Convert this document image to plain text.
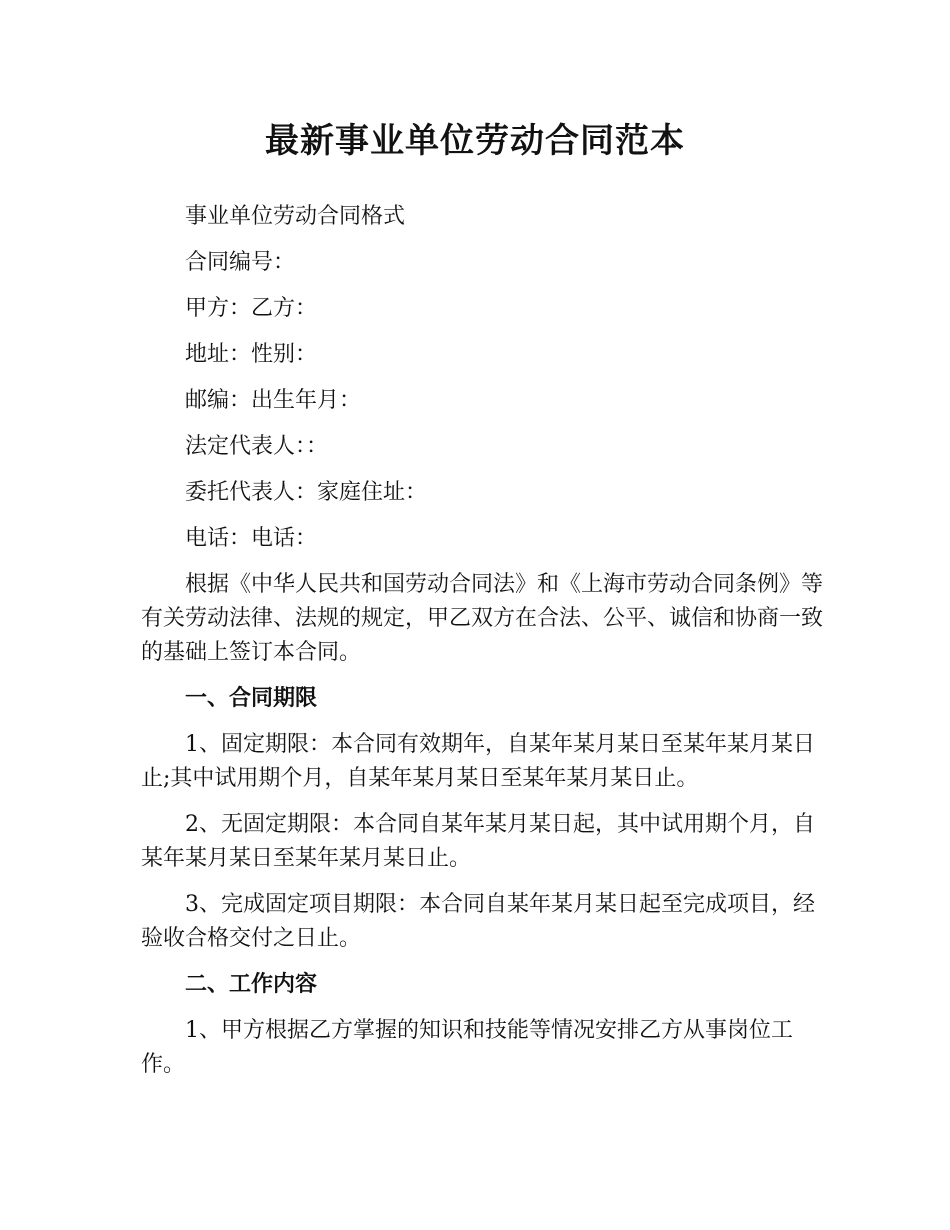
最新事业单位劳动合同范本

事业单位劳动合同格式

合同编号：

甲方：乙方：

地址：性别：

邮编：出生年月：

法定代表人：：

委托代表人：家庭住址：

电话：电话：

根据《中华人民共和国劳动合同法》和《上海市劳动合同条例》等有关劳动法律、法规的规定，甲乙双方在合法、公平、诚信和协商一致的基础上签订本合同。

一、合同期限

1、固定期限：本合同有效期年，自某年某月某日至某年某月某日止;其中试用期个月，自某年某月某日至某年某月某日止。

2、无固定期限：本合同自某年某月某日起，其中试用期个月，自某年某月某日至某年某月某日止。

3、完成固定项目期限：本合同自某年某月某日起至完成项目，经验收合格交付之日止。

二、工作内容

1、甲方根据乙方掌握的知识和技能等情况安排乙方从事岗位工作。
